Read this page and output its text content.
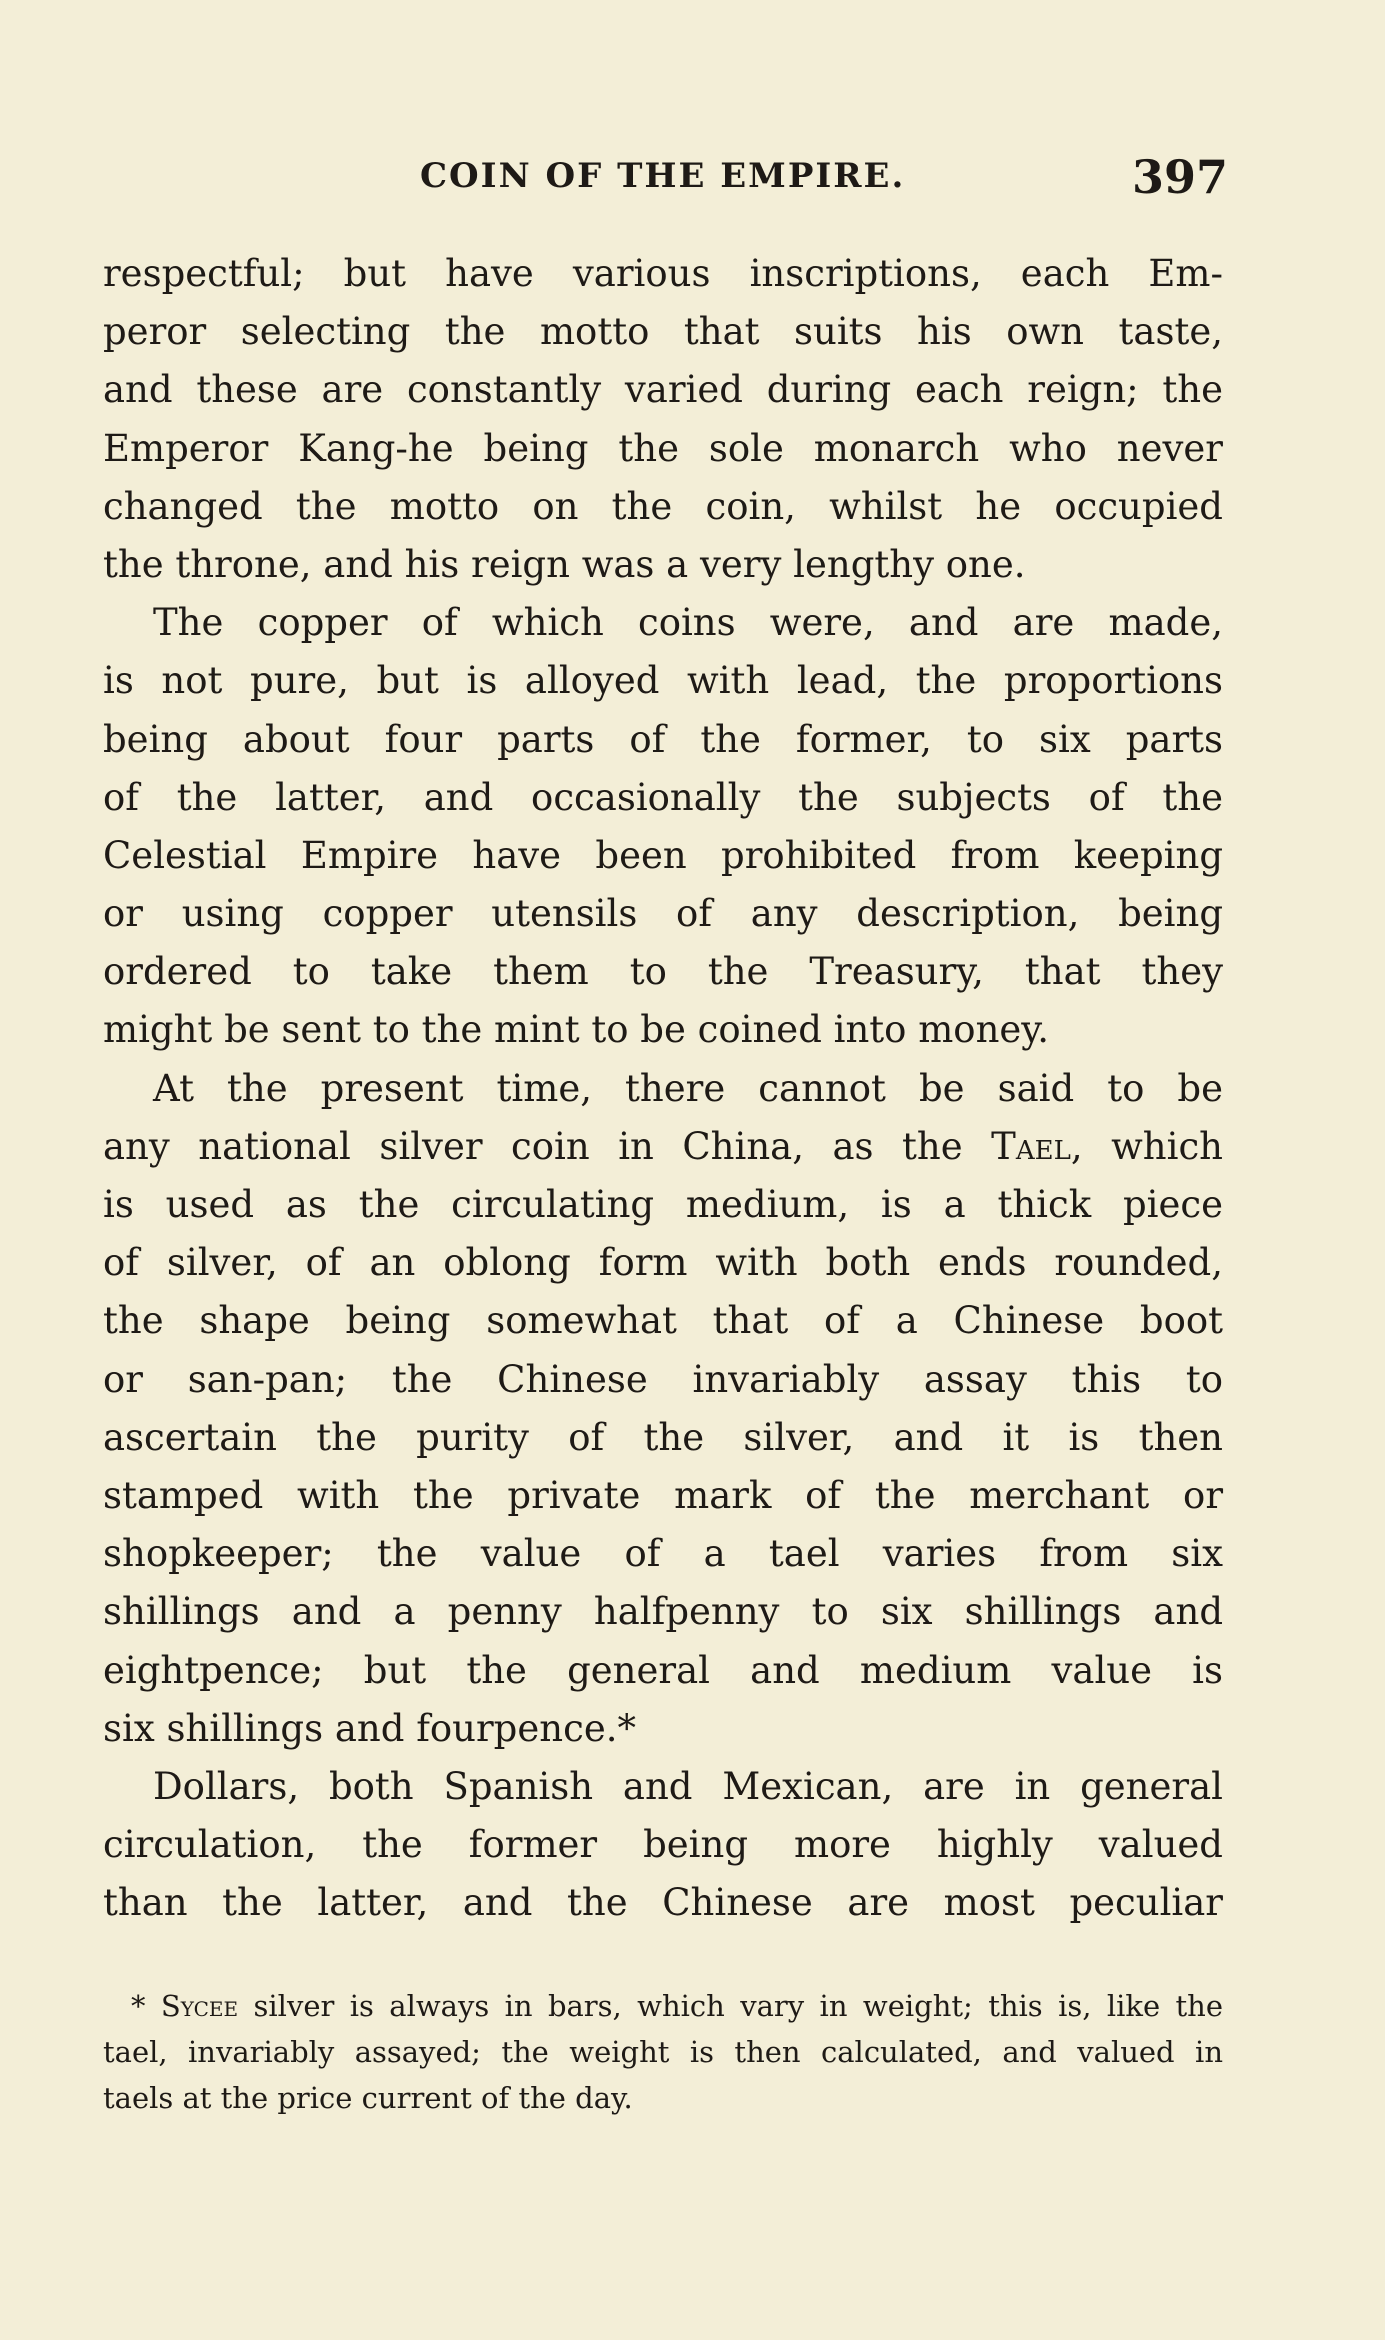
COIN OF THE EMPIRE.	397
respectful; but have various inscriptions, each Em-
peror selecting the motto that suits his own taste,
and these are constantly varied during each reign; the
Emperor Kang-he being the sole monarch who never
changed the motto on the coin, whilst he occupied
the throne, and his reign was a very lengthy one.
The copper of which coins were, and are made,
is not pure, but is alloyed with lead, the proportions
being about four parts of the former, to six parts
of the latter, and occasionally the subjects of the
Celestial Empire have been prohibited from keeping
or using copper utensils of any description, being
ordered to take them to the Treasury, that they
might be sent to the mint to be coined into money.
At the present time, there cannot be said to be
any national silver coin in China, as the Tael, which
is used as the circulating medium, is a thick piece
of silver, of an oblong form with both ends rounded,
the shape being somewhat that of a Chinese boot
or san-pan; the Chinese invariably assay this to
ascertain the purity of the silver, and it is then
stamped with the private mark of the merchant or
shopkeeper; the value of a tael varies from six
shillings and a penny halfpenny to six shillings and
eightpence; but the general and medium value is
six shillings and fourpence.*
Dollars, both Spanish and Mexican, are in general
circulation, the former being more highly valued
than the latter, and the Chinese are most peculiar
* Sycee silver is always in bars, which vary in weight; this is, like the
tael, invariably assayed; the weight is then calculated, and valued in
taels at the price current of the day.
